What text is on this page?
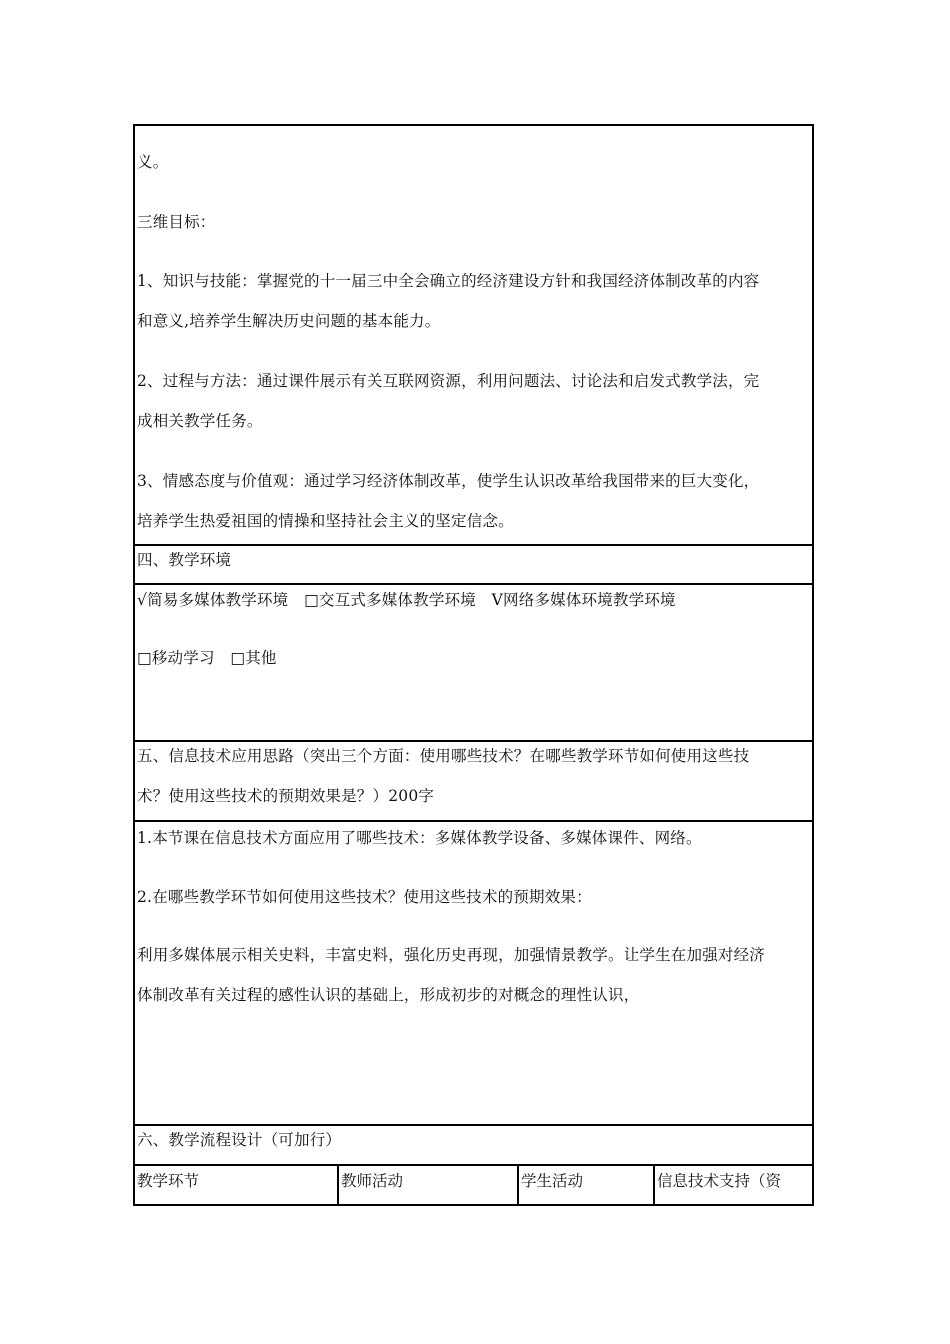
义。
三维目标：
1、知识与技能：掌握党的十一届三中全会确立的经济建设方针和我国经济体制改革的内容
和意义,培养学生解决历史问题的基本能力。
2、过程与方法：通过课件展示有关互联网资源，利用问题法、讨论法和启发式教学法，完
成相关教学任务。
3、情感态度与价值观：通过学习经济体制改革，使学生认识改革给我国带来的巨大变化，
培养学生热爱祖国的情操和坚持社会主义的坚定信念。
四、教学环境
√简易多媒体教学环境　□交互式多媒体教学环境　V网络多媒体环境教学环境
□移动学习　□其他
五、信息技术应用思路（突出三个方面：使用哪些技术？在哪些教学环节如何使用这些技
术？使用这些技术的预期效果是？）200字
1.本节课在信息技术方面应用了哪些技术：多媒体教学设备、多媒体课件、网络。
2.在哪些教学环节如何使用这些技术？使用这些技术的预期效果：
利用多媒体展示相关史料，丰富史料，强化历史再现，加强情景教学。让学生在加强对经济
体制改革有关过程的感性认识的基础上，形成初步的对概念的理性认识，
六、教学流程设计（可加行）
教学环节	教师活动	学生活动	信息技术支持（资
